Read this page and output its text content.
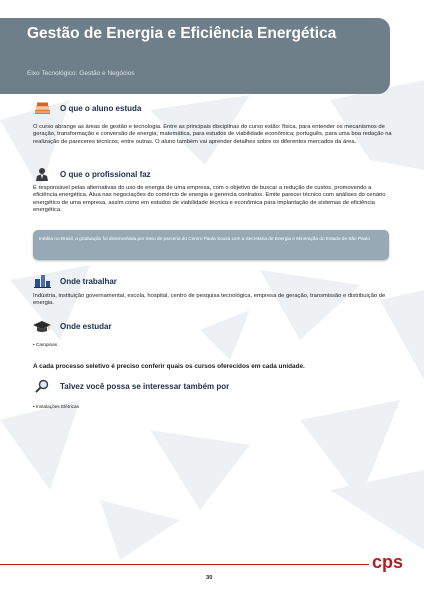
Gestão de Energia e Eficiência Energética
Eixo Tecnológico: Gestão e Negócios
O que o aluno estuda
O curso abrange as áreas de gestão e tecnologia. Entre as principais disciplinas do curso estão: física, para entender os mecanismos de geração, transformação e conversão de energia; matemática, para estudos de viabilidade econômica; português, para uma boa redação na realização de pareceres técnicos, entre outras. O aluno também vai aprender detalhes sobre os diferentes mercados da área.
O que o profissional faz
É responsável pelas alternativas do uso de energia de uma empresa, com o objetivo de buscar a redução de custos, promovendo a eficiência energética. Atua nas negociações do comércio de energia e gerencia contratos. Emite parecer técnico com análises do cenário energético de uma empresa, assim como em estudos de viabilidade técnica e econômica para implantação de sistemas de eficiência energética.
Inédita no Brasil, a graduação foi desenvolvida por meio de parceria do Centro Paula Souza com a Secretaria de Energia e Mineração do Estado de São Paulo
Onde trabalhar
Indústria, instituição governamental, escola, hospital, centro de pesquisa tecnológica, empresa de geração, transmissão e distribuição de energia.
Onde estudar
• Campinas
A cada processo seletivo é preciso conferir quais os cursos oferecidos em cada unidade.
Talvez você possa se interessar também por
• Instalações Elétricas
cps
30
